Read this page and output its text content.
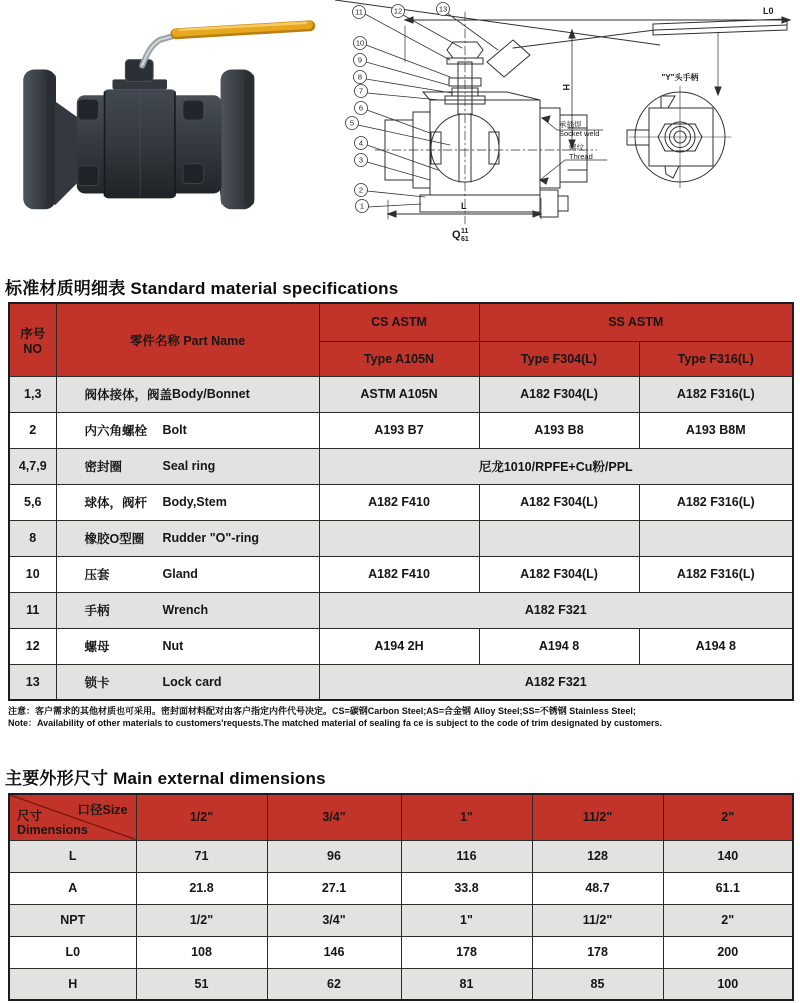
11	12	13
10
9
8
7
6
5
4
3
2
1
L0
H
L
承插焊
Socket weld
螺纹
Thread
"Y"头手柄
Q 11
61
标准材质明细表 Standard material specifications
序号
NO	零件名称 Part Name	CS ASTM	SS ASTM	
		Type A105N	Type F304(L)	Type F316(L)
1,3	阀体接体，阀盖 Body/Bonnet	ASTM A105N	A182 F304(L)	A182 F316(L)
2	内六角螺栓 Bolt	A193 B7	A193 B8	A193 B8M
4,7,9	密封圈 Seal ring	尼龙1010/RPFE+Cu粉/PPL		
5,6	球体，阀杆 Body,Stem	A182 F410	A182 F304(L)	A182 F316(L)
8	橡胶O型圈 Rudder "O"-ring			

10	压套 Gland	A182 F410	A182 F304(L)	A182 F316(L)
11	手柄 Wrench	A182 F321		
12	螺母 Nut	A194 2H	A194 8	A194 8
13	锁卡 Lock card	A182 F321		
注意：客户需求的其他材质也可采用。密封面材料配对由客户指定内件代号决定。CS=碳钢Carbon Steel;AS=合金钢 Alloy Steel;SS=不锈钢 Stainless Steel;
Note：Availability of other materials to customers'requests.The matched material of sealing fa ce is subject to the code of trim designated by customers.
主要外形尺寸 Main external dimensions
口径Size
尺寸
Dimensions	1/2"	3/4"	1"	11/2"	2"
L	71	96	116	128	140
A	21.8	27.1	33.8	48.7	61.1
NPT	1/2"	3/4"	1"	11/2"	2"
L0	108	146	178	178	200
H	51	62	81	85	100
